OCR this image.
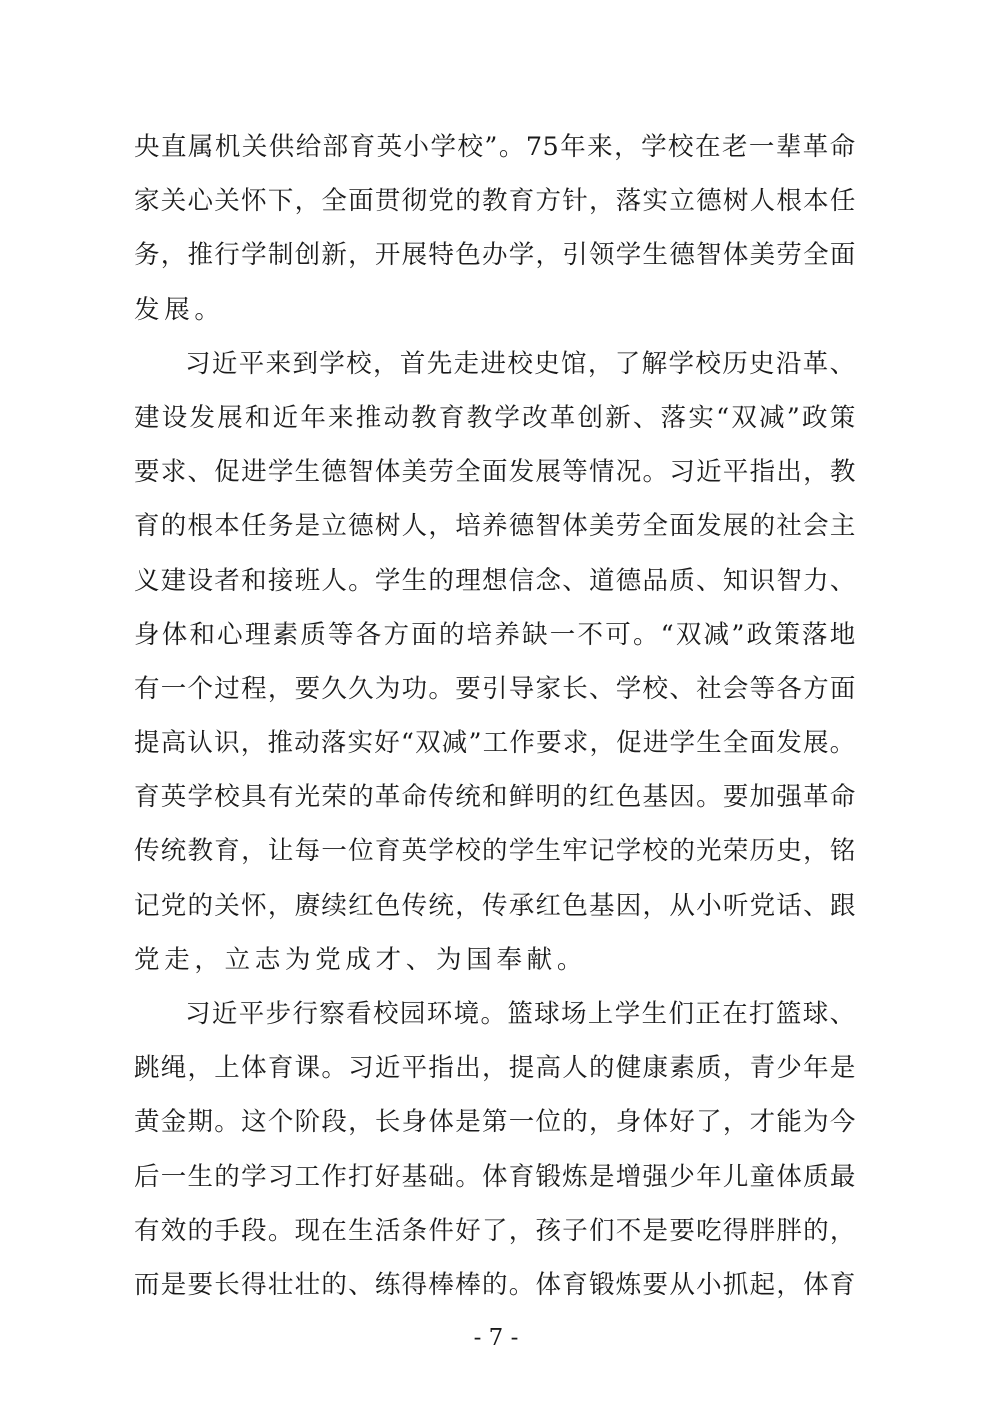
央 直 属 机 关 供 给 部 育 英 小 学 校 ” 。 75 年 来 ， 学 校 在 老 一 辈 革 命
家 关 心 关 怀 下 ， 全 面 贯 彻 党 的 教 育 方 针 ， 落 实 立 德 树 人 根 本 任
务 ， 推 行 学 制 创 新 ， 开 展 特 色 办 学 ， 引 领 学 生 德 智 体 美 劳 全 面
发 展 。
习 近 平 来 到 学 校 ， 首 先 走 进 校 史 馆 ， 了 解 学 校 历 史 沿 革 、
建 设 发 展 和 近 年 来 推 动 教 育 教 学 改 革 创 新 、 落 实 “ 双 减 ” 政 策
要 求 、 促 进 学 生 德 智 体 美 劳 全 面 发 展 等 情 况 。 习 近 平 指 出 ， 教
育 的 根 本 任 务 是 立 德 树 人 ， 培 养 德 智 体 美 劳 全 面 发 展 的 社 会 主
义 建 设 者 和 接 班 人 。 学 生 的 理 想 信 念 、 道 德 品 质 、 知 识 智 力 、
身 体 和 心 理 素 质 等 各 方 面 的 培 养 缺 一 不 可 。 “ 双 减 ” 政 策 落 地
有 一 个 过 程 ， 要 久 久 为 功 。 要 引 导 家 长 、 学 校 、 社 会 等 各 方 面
提 高 认 识 ， 推 动 落 实 好 “ 双 减 ” 工 作 要 求 ， 促 进 学 生 全 面 发 展 。
育 英 学 校 具 有 光 荣 的 革 命 传 统 和 鲜 明 的 红 色 基 因 。 要 加 强 革 命
传 统 教 育 ， 让 每 一 位 育 英 学 校 的 学 生 牢 记 学 校 的 光 荣 历 史 ， 铭
记 党 的 关 怀 ， 赓 续 红 色 传 统 ， 传 承 红 色 基 因 ， 从 小 听 党 话 、 跟
党 走 ， 立 志 为 党 成 才 、 为 国 奉 献 。
习 近 平 步 行 察 看 校 园 环 境 。 篮 球 场 上 学 生 们 正 在 打 篮 球 、
跳 绳 ， 上 体 育 课 。 习 近 平 指 出 ， 提 高 人 的 健 康 素 质 ， 青 少 年 是
黄 金 期 。 这 个 阶 段 ， 长 身 体 是 第 一 位 的 ， 身 体 好 了 ， 才 能 为 今
后 一 生 的 学 习 工 作 打 好 基 础 。 体 育 锻 炼 是 增 强 少 年 儿 童 体 质 最
有 效 的 手 段 。 现 在 生 活 条 件 好 了 ， 孩 子 们 不 是 要 吃 得 胖 胖 的 ，
而 是 要 长 得 壮 壮 的 、 练 得 棒 棒 的 。 体 育 锻 炼 要 从 小 抓 起 ， 体 育
- 7 -
